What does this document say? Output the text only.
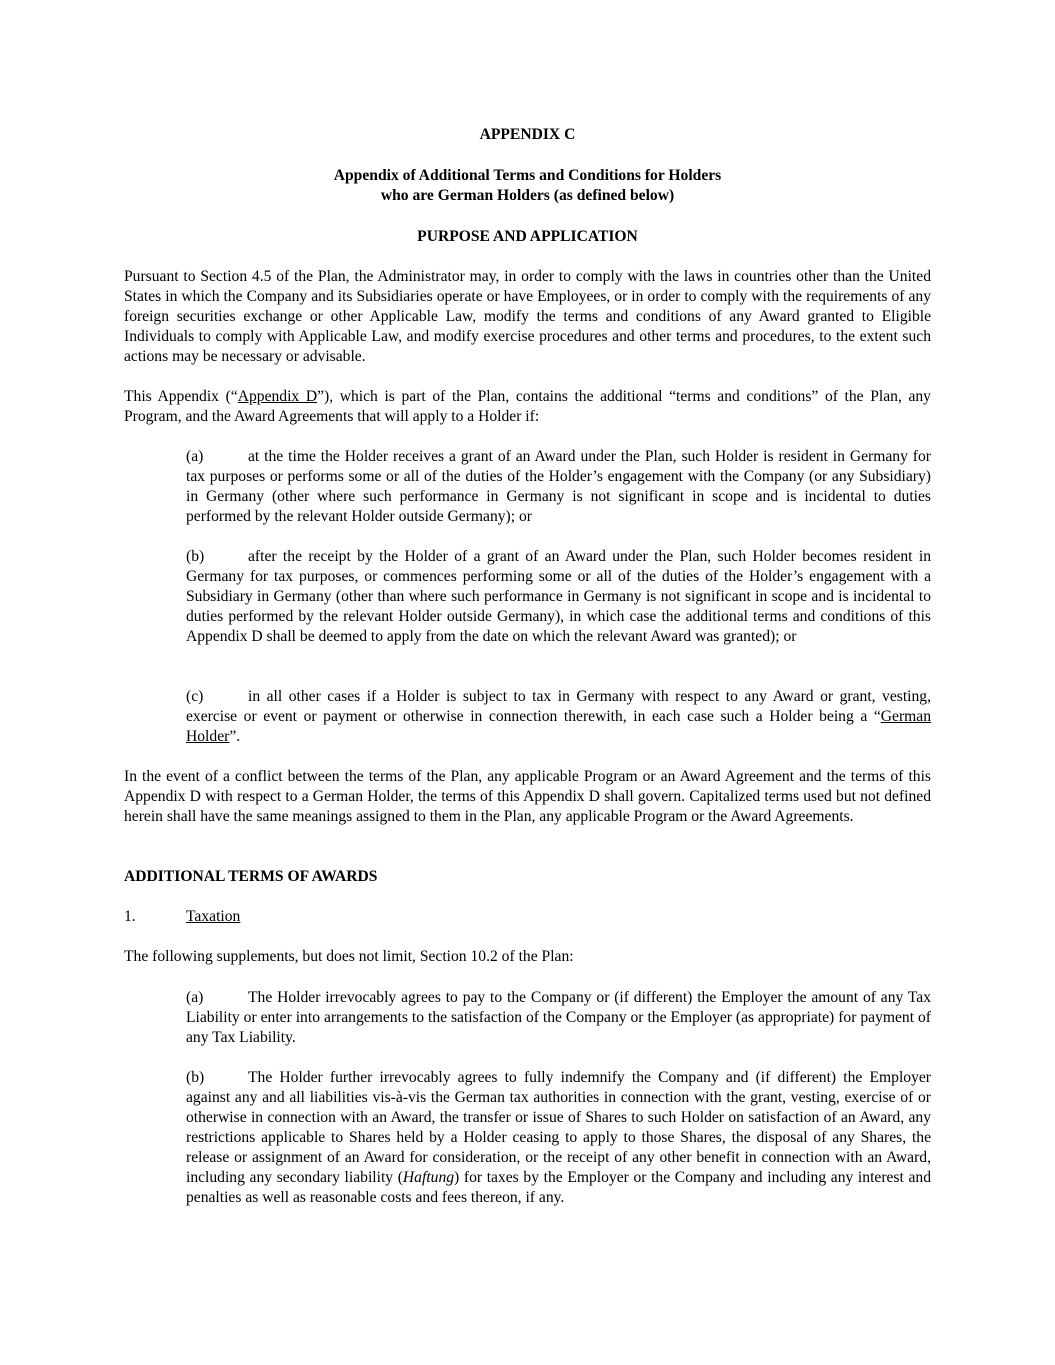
APPENDIX C
Appendix of Additional Terms and Conditions for Holders
who are German Holders (as defined below)
PURPOSE AND APPLICATION

Pursuant to Section 4.5 of the Plan, the Administrator may, in order to comply with the laws in countries other than the United States in which the Company and its Subsidiaries operate or have Employees, or in order to comply with the requirements of any foreign securities exchange or other Applicable Law, modify the terms and conditions of any Award granted to Eligible Individuals to comply with Applicable Law, and modify exercise procedures and other terms and procedures, to the extent such actions may be necessary or advisable.

This Appendix (“Appendix D”), which is part of the Plan, contains the additional “terms and conditions” of the Plan, any Program, and the Award Agreements that will apply to a Holder if:

(a)	at the time the Holder receives a grant of an Award under the Plan, such Holder is resident in Germany for tax purposes or performs some or all of the duties of the Holder’s engagement with the Company (or any Subsidiary) in Germany (other where such performance in Germany is not significant in scope and is incidental to duties performed by the relevant Holder outside Germany); or

(b)	after the receipt by the Holder of a grant of an Award under the Plan, such Holder becomes resident in Germany for tax purposes, or commences performing some or all of the duties of the Holder’s engagement with a Subsidiary in Germany (other than where such performance in Germany is not significant in scope and is incidental to duties performed by the relevant Holder outside Germany), in which case the additional terms and conditions of this Appendix D shall be deemed to apply from the date on which the relevant Award was granted); or

(c)	in all other cases if a Holder is subject to tax in Germany with respect to any Award or grant, vesting, exercise or event or payment or otherwise in connection therewith, in each case such a Holder being a “German Holder”.

In the event of a conflict between the terms of the Plan, any applicable Program or an Award Agreement and the terms of this Appendix D with respect to a German Holder, the terms of this Appendix D shall govern. Capitalized terms used but not defined herein shall have the same meanings assigned to them in the Plan, any applicable Program or the Award Agreements.

ADDITIONAL TERMS OF AWARDS
1.	Taxation

The following supplements, but does not limit, Section 10.2 of the Plan:

(a)	The Holder irrevocably agrees to pay to the Company or (if different) the Employer the amount of any Tax Liability or enter into arrangements to the satisfaction of the Company or the Employer (as appropriate) for payment of any Tax Liability.

(b)	The Holder further irrevocably agrees to fully indemnify the Company and (if different) the Employer against any and all liabilities vis-à-vis the German tax authorities in connection with the grant, vesting, exercise of or otherwise in connection with an Award, the transfer or issue of Shares to such Holder on satisfaction of an Award, any restrictions applicable to Shares held by a Holder ceasing to apply to those Shares, the disposal of any Shares, the release or assignment of an Award for consideration, or the receipt of any other benefit in connection with an Award, including any secondary liability (Haftung) for taxes by the Employer or the Company and including any interest and penalties as well as reasonable costs and fees thereon, if any.
